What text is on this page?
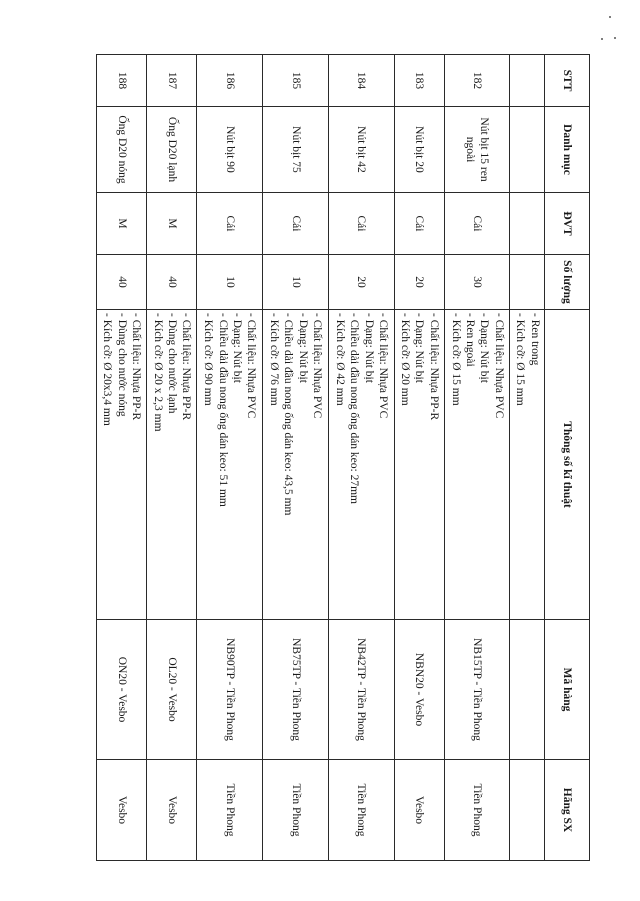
STT	Danh mục	ĐVT	Số lượng	Thông số kĩ thuật	Mã hàng	Hãng SX

				- Ren trong
- Kích cỡ: Ø 15 mm		

182	Nút bịt 15 ren ngoài	Cái	30	- Chất liệu: Nhựa PVC
- Dạng: Nút bịt
- Ren ngoài
- Kích cỡ: Ø 15 mm	NB15TP - Tiền Phong	Tiền Phong
183	Nút bịt 20	Cái	20	- Chất liệu: Nhựa PP-R
- Dạng: Nút bịt
- Kích cỡ: Ø 20 mm	NBN20 - Vesbo	Vesbo
184	Nút bịt 42	Cái	20	- Chất liệu: Nhựa PVC
- Dạng: Nút bịt
- Chiều dài đầu nong ống dán keo: 27mm
- Kích cỡ: Ø 42 mm	NB42TP - Tiền Phong	Tiền Phong
185	Nút bịt 75	Cái	10	- Chất liệu: Nhựa PVC
- Dạng: Nút bịt
- Chiều dài đầu nong ống dán keo: 43,5 mm
- Kích cỡ: Ø 76 mm	NB75TP - Tiền Phong	Tiền Phong
186	Nút bịt 90	Cái	10	- Chất liệu: Nhựa PVC
- Dạng: Nút bịt
- Chiều dài đầu nong ống dán keo: 51 mm
- Kích cỡ: Ø 90 mm	NB90TP - Tiền Phong	Tiền Phong
187	Ống D20 lạnh	M	40	- Chất liệu: Nhựa PP-R
- Dùng cho nước lạnh
- Kích cỡ: Ø 20 x 2,3 mm	OL20 - Vesbo	Vesbo
188	Ống D20 nóng	M	40	- Chất liệu: Nhựa PP-R
- Dùng cho nước nóng
- Kích cỡ: Ø 20x3,4 mm	ON20 - Vesbo	Vesbo
